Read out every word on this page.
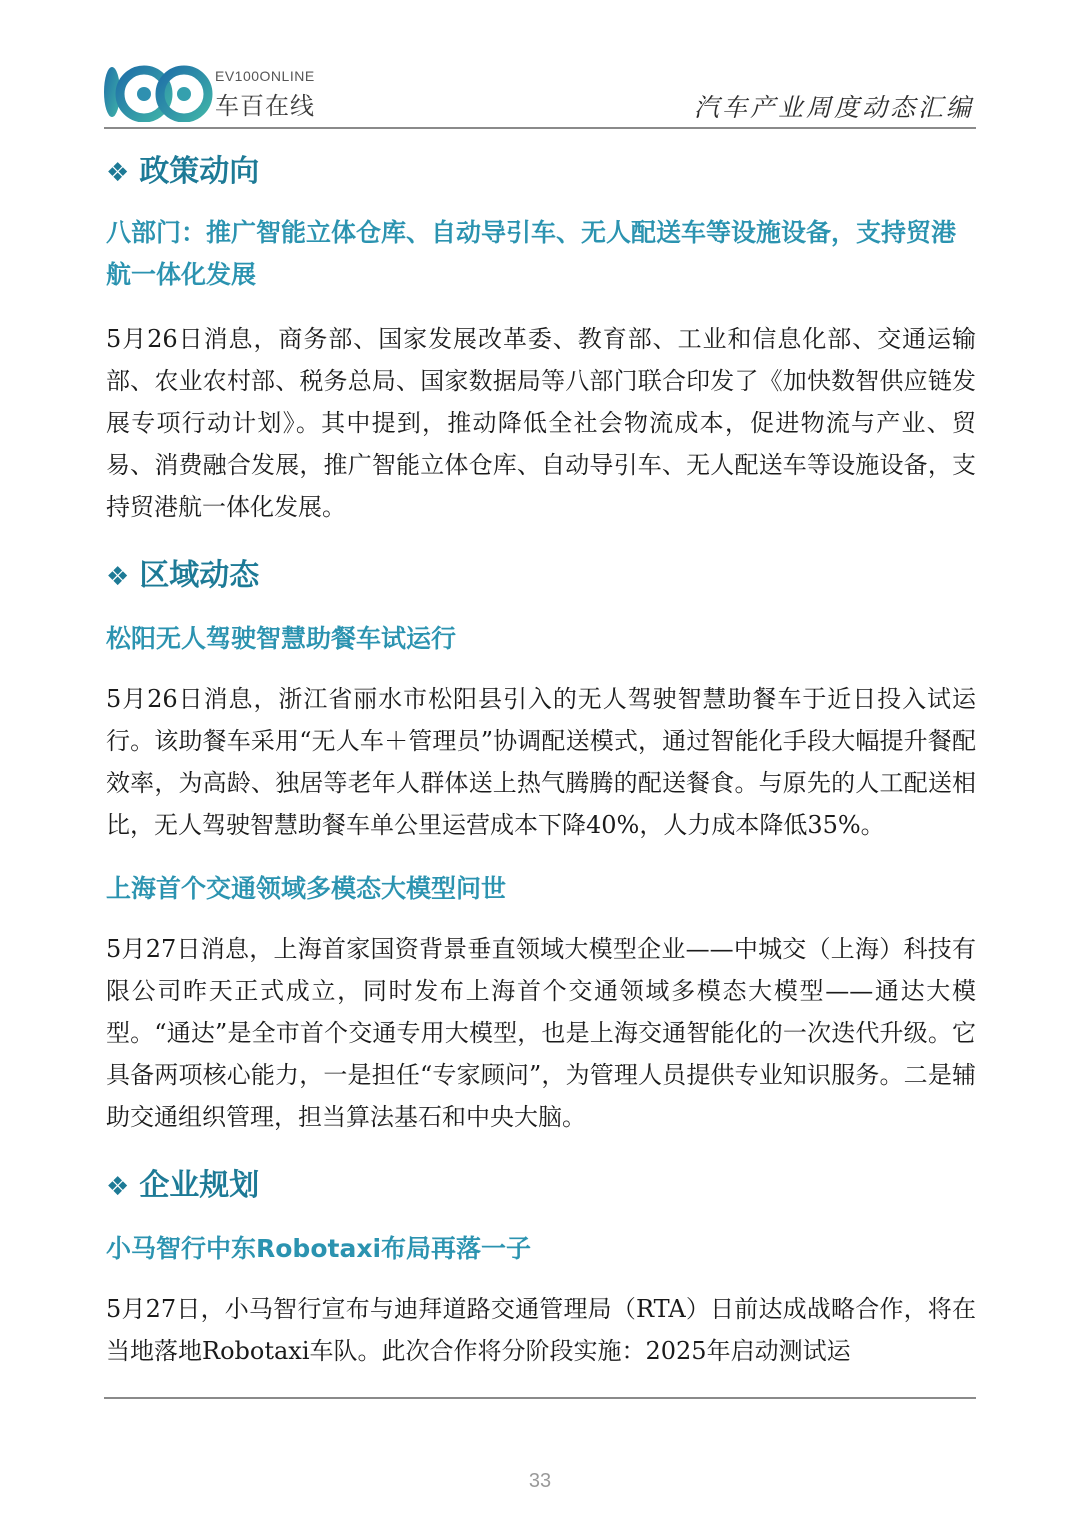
EV100ONLINE
车百在线	汽车产业周度动态汇编
❖ 政策动向
八部门：推广智能立体仓库、自动导引车、无人配送车等设施设备，支持贸港航一体化发展

5月26日消息，商务部、国家发展改革委、教育部、工业和信息化部、交通运输部、农业农村部、税务总局、国家数据局等八部门联合印发了《加快数智供应链发展专项行动计划》。其中提到，推动降低全社会物流成本，促进物流与产业、贸易、消费融合发展，推广智能立体仓库、自动导引车、无人配送车等设施设备，支持贸港航一体化发展。

❖ 区域动态
松阳无人驾驶智慧助餐车试运行

5月26日消息，浙江省丽水市松阳县引入的无人驾驶智慧助餐车于近日投入试运行。该助餐车采用“无人车＋管理员”协调配送模式，通过智能化手段大幅提升餐配效率，为高龄、独居等老年人群体送上热气腾腾的配送餐食。与原先的人工配送相比，无人驾驶智慧助餐车单公里运营成本下降40%，人力成本降低35%。

上海首个交通领域多模态大模型问世

5月27日消息，上海首家国资背景垂直领域大模型企业——中城交（上海）科技有限公司昨天正式成立，同时发布上海首个交通领域多模态大模型——通达大模型。“通达”是全市首个交通专用大模型，也是上海交通智能化的一次迭代升级。它具备两项核心能力，一是担任“专家顾问”，为管理人员提供专业知识服务。二是辅助交通组织管理，担当算法基石和中央大脑。

❖ 企业规划
小马智行中东Robotaxi布局再落一子

5月27日，小马智行宣布与迪拜道路交通管理局（RTA）日前达成战略合作，将在当地落地Robotaxi车队。此次合作将分阶段实施：2025年启动测试运

33
